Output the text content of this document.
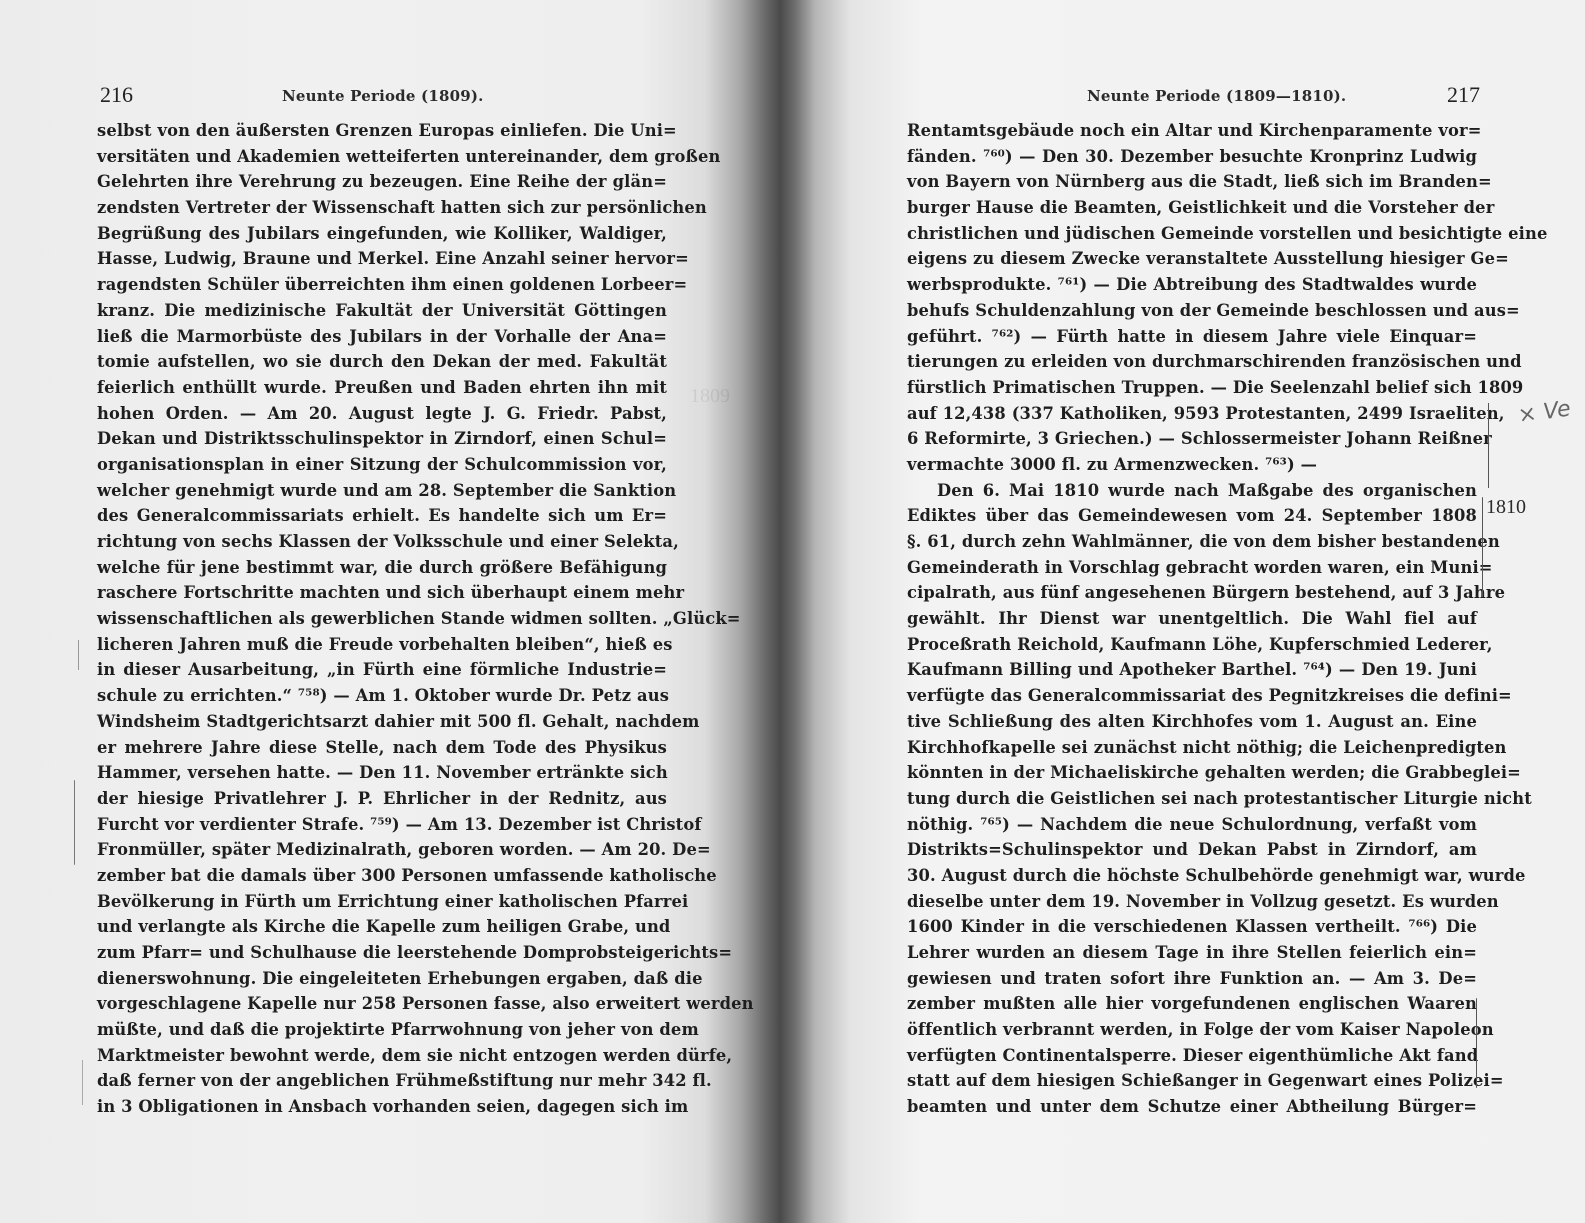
216	Neunte Periode (1809).
selbst von den äußersten Grenzen Europas einliefen. Die Uni=
versitäten und Akademien wetteiferten untereinander, dem großen
Gelehrten ihre Verehrung zu bezeugen. Eine Reihe der glän=
zendsten Vertreter der Wissenschaft hatten sich zur persönlichen
Begrüßung des Jubilars eingefunden, wie Kolliker, Waldiger,
Hasse, Ludwig, Braune und Merkel. Eine Anzahl seiner hervor=
ragendsten Schüler überreichten ihm einen goldenen Lorbeer=
kranz. Die medizinische Fakultät der Universität Göttingen
ließ die Marmorbüste des Jubilars in der Vorhalle der Ana=
tomie aufstellen, wo sie durch den Dekan der med. Fakultät
feierlich enthüllt wurde. Preußen und Baden ehrten ihn mit
hohen Orden. — Am 20. August legte J. G. Friedr. Pabst,
Dekan und Distriktsschulinspektor in Zirndorf, einen Schul=
organisationsplan in einer Sitzung der Schulcommission vor,
welcher genehmigt wurde und am 28. September die Sanktion
des Generalcommissariats erhielt. Es handelte sich um Er=
richtung von sechs Klassen der Volksschule und einer Selekta,
welche für jene bestimmt war, die durch größere Befähigung
raschere Fortschritte machten und sich überhaupt einem mehr
wissenschaftlichen als gewerblichen Stande widmen sollten. „Glück=
licheren Jahren muß die Freude vorbehalten bleiben“, hieß es
in dieser Ausarbeitung, „in Fürth eine förmliche Industrie=
schule zu errichten.“ ⁷⁵⁸) — Am 1. Oktober wurde Dr. Petz aus
Windsheim Stadtgerichtsarzt dahier mit 500 fl. Gehalt, nachdem
er mehrere Jahre diese Stelle, nach dem Tode des Physikus
Hammer, versehen hatte. — Den 11. November ertränkte sich
der hiesige Privatlehrer J. P. Ehrlicher in der Rednitz, aus
Furcht vor verdienter Strafe. ⁷⁵⁹) — Am 13. Dezember ist Christof
Fronmüller, später Medizinalrath, geboren worden. — Am 20. De=
zember bat die damals über 300 Personen umfassende katholische
Bevölkerung in Fürth um Errichtung einer katholischen Pfarrei
und verlangte als Kirche die Kapelle zum heiligen Grabe, und
zum Pfarr= und Schulhause die leerstehende Domprobsteigerichts=
dienerswohnung. Die eingeleiteten Erhebungen ergaben, daß die
vorgeschlagene Kapelle nur 258 Personen fasse, also erweitert werden
müßte, und daß die projektirte Pfarrwohnung von jeher von dem
Marktmeister bewohnt werde, dem sie nicht entzogen werden dürfe,
daß ferner von der angeblichen Frühmeßstiftung nur mehr 342 fl.
in 3 Obligationen in Ansbach vorhanden seien, dagegen sich im
1809
Neunte Periode (1809—1810).	217
Rentamtsgebäude noch ein Altar und Kirchenparamente vor=
fänden. ⁷⁶⁰) — Den 30. Dezember besuchte Kronprinz Ludwig
von Bayern von Nürnberg aus die Stadt, ließ sich im Branden=
burger Hause die Beamten, Geistlichkeit und die Vorsteher der
christlichen und jüdischen Gemeinde vorstellen und besichtigte eine
eigens zu diesem Zwecke veranstaltete Ausstellung hiesiger Ge=
werbsprodukte. ⁷⁶¹) — Die Abtreibung des Stadtwaldes wurde
behufs Schuldenzahlung von der Gemeinde beschlossen und aus=
geführt. ⁷⁶²) — Fürth hatte in diesem Jahre viele Einquar=
tierungen zu erleiden von durchmarschirenden französischen und
fürstlich Primatischen Truppen. — Die Seelenzahl belief sich 1809
auf 12,438 (337 Katholiken, 9593 Protestanten, 2499 Israeliten,
6 Reformirte, 3 Griechen.) — Schlossermeister Johann Reißner
vermachte 3000 fl. zu Armenzwecken. ⁷⁶³) —
Den 6. Mai 1810 wurde nach Maßgabe des organischen
Ediktes über das Gemeindewesen vom 24. September 1808
§. 61, durch zehn Wahlmänner, die von dem bisher bestandenen
Gemeinderath in Vorschlag gebracht worden waren, ein Muni=
cipalrath, aus fünf angesehenen Bürgern bestehend, auf 3 Jahre
gewählt. Ihr Dienst war unentgeltlich. Die Wahl fiel auf
Proceßrath Reichold, Kaufmann Löhe, Kupferschmied Lederer,
Kaufmann Billing und Apotheker Barthel. ⁷⁶⁴) — Den 19. Juni
verfügte das Generalcommissariat des Pegnitzkreises die defini=
tive Schließung des alten Kirchhofes vom 1. August an. Eine
Kirchhofkapelle sei zunächst nicht nöthig; die Leichenpredigten
könnten in der Michaeliskirche gehalten werden; die Grabbeglei=
tung durch die Geistlichen sei nach protestantischer Liturgie nicht
nöthig. ⁷⁶⁵) — Nachdem die neue Schulordnung, verfaßt vom
Distrikts=Schulinspektor und Dekan Pabst in Zirndorf, am
30. August durch die höchste Schulbehörde genehmigt war, wurde
dieselbe unter dem 19. November in Vollzug gesetzt. Es wurden
1600 Kinder in die verschiedenen Klassen vertheilt. ⁷⁶⁶) Die
Lehrer wurden an diesem Tage in ihre Stellen feierlich ein=
gewiesen und traten sofort ihre Funktion an. — Am 3. De=
zember mußten alle hier vorgefundenen englischen Waaren
öffentlich verbrannt werden, in Folge der vom Kaiser Napoleon
verfügten Continentalsperre. Dieser eigenthümliche Akt fand
statt auf dem hiesigen Schießanger in Gegenwart eines Polizei=
beamten und unter dem Schutze einer Abtheilung Bürger=
× Ve
1810
